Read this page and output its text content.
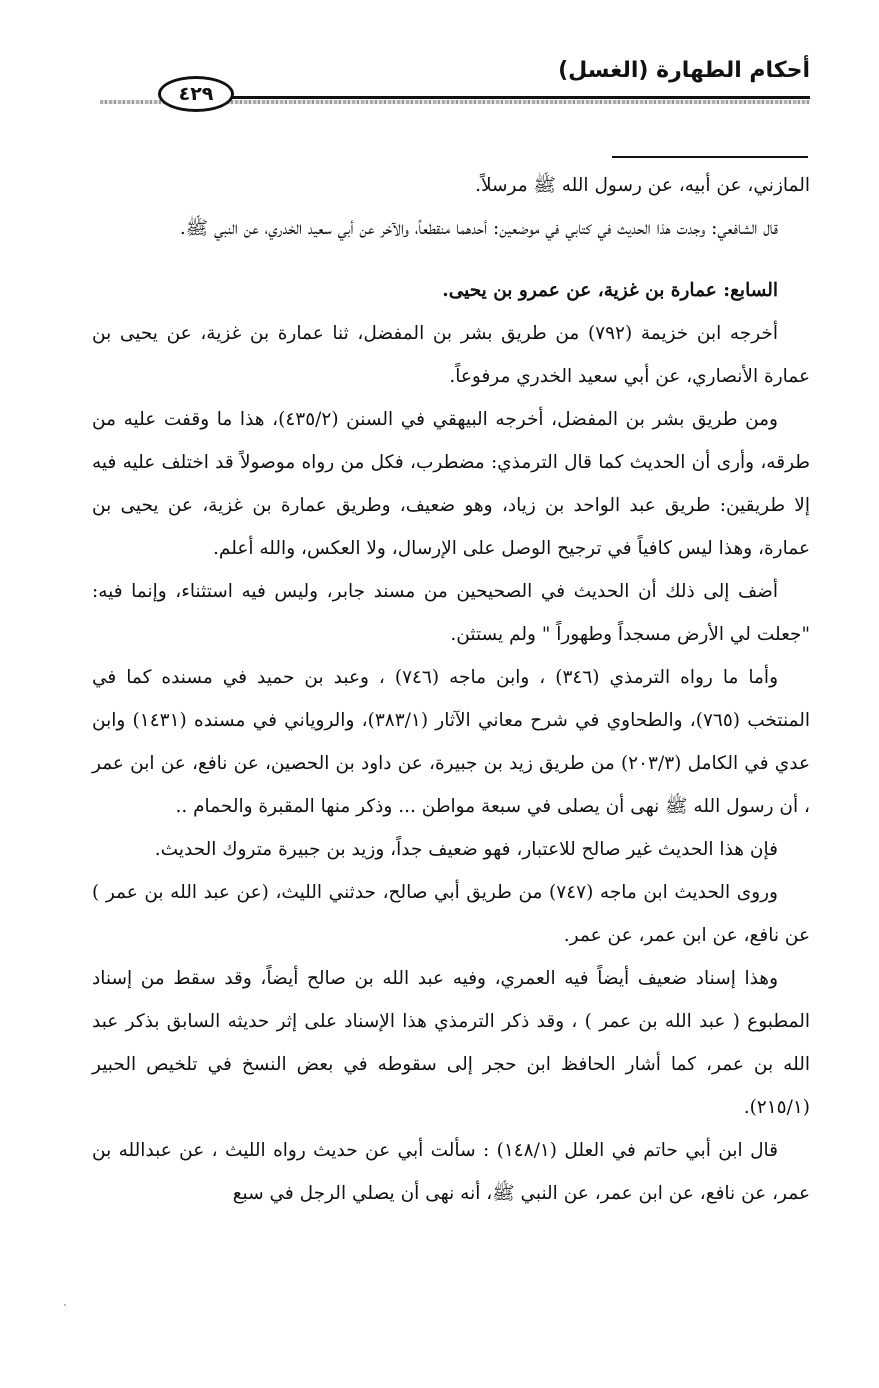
أحكام الطهارة (الغسل)
٤٢٩

المازني، عن أبيه، عن رسول الله ﷺ مرسلاً.

قال الشافعي: وجدت هذا الحديث في كتابي في موضعين: أحدهما منقطعاً، والآخر عن أبي سعيد الخدري، عن النبي ﷺ.

السابع: عمارة بن غزية، عن عمرو بن يحيى.

أخرجه ابن خزيمة (٧٩٢) من طريق بشر بن المفضل، ثنا عمارة بن غزية، عن يحيى بن عمارة الأنصاري، عن أبي سعيد الخدري مرفوعاً.

ومن طريق بشر بن المفضل، أخرجه البيهقي في السنن (٤٣٥/٢)، هذا ما وقفت عليه من طرقه، وأرى أن الحديث كما قال الترمذي: مضطرب، فكل من رواه موصولاً قد اختلف عليه فيه إلا طريقين: طريق عبد الواحد بن زياد، وهو ضعيف، وطريق عمارة بن غزية، عن يحيى بن عمارة، وهذا ليس كافياً في ترجيح الوصل على الإرسال، ولا العكس، والله أعلم.

أضف إلى ذلك أن الحديث في الصحيحين من مسند جابر، وليس فيه استثناء، وإنما فيه: "جعلت لي الأرض مسجداً وطهوراً " ولم يستثن.

وأما ما رواه الترمذي (٣٤٦) ، وابن ماجه (٧٤٦) ، وعبد بن حميد في مسنده كما في المنتخب (٧٦٥)، والطحاوي في شرح معاني الآثار (٣٨٣/١)، والروياني في مسنده (١٤٣١) وابن عدي في الكامل (٢٠٣/٣) من طريق زيد بن جبيرة، عن داود بن الحصين، عن نافع، عن ابن عمر ، أن رسول الله ﷺ نهى أن يصلى في سبعة مواطن ... وذكر منها المقبرة والحمام ..

فإن هذا الحديث غير صالح للاعتبار، فهو ضعيف جداً، وزيد بن جبيرة متروك الحديث.

وروى الحديث ابن ماجه (٧٤٧) من طريق أبي صالح، حدثني الليث، (عن عبد الله بن عمر ) عن نافع، عن ابن عمر، عن عمر.

وهذا إسناد ضعيف أيضاً فيه العمري، وفيه عبد الله بن صالح أيضاً، وقد سقط من إسناد المطبوع ( عبد الله بن عمر ) ، وقد ذكر الترمذي هذا الإسناد على إثر حديثه السابق بذكر عبد الله بن عمر، كما أشار الحافظ ابن حجر إلى سقوطه في بعض النسخ في تلخيص الحبير (٢١٥/١).

قال ابن أبي حاتم في العلل (١٤٨/١) : سألت أبي عن حديث رواه الليث ، عن عبدالله بن عمر، عن نافع، عن ابن عمر، عن النبي ﷺ، أنه نهى أن يصلي الرجل في سبع
